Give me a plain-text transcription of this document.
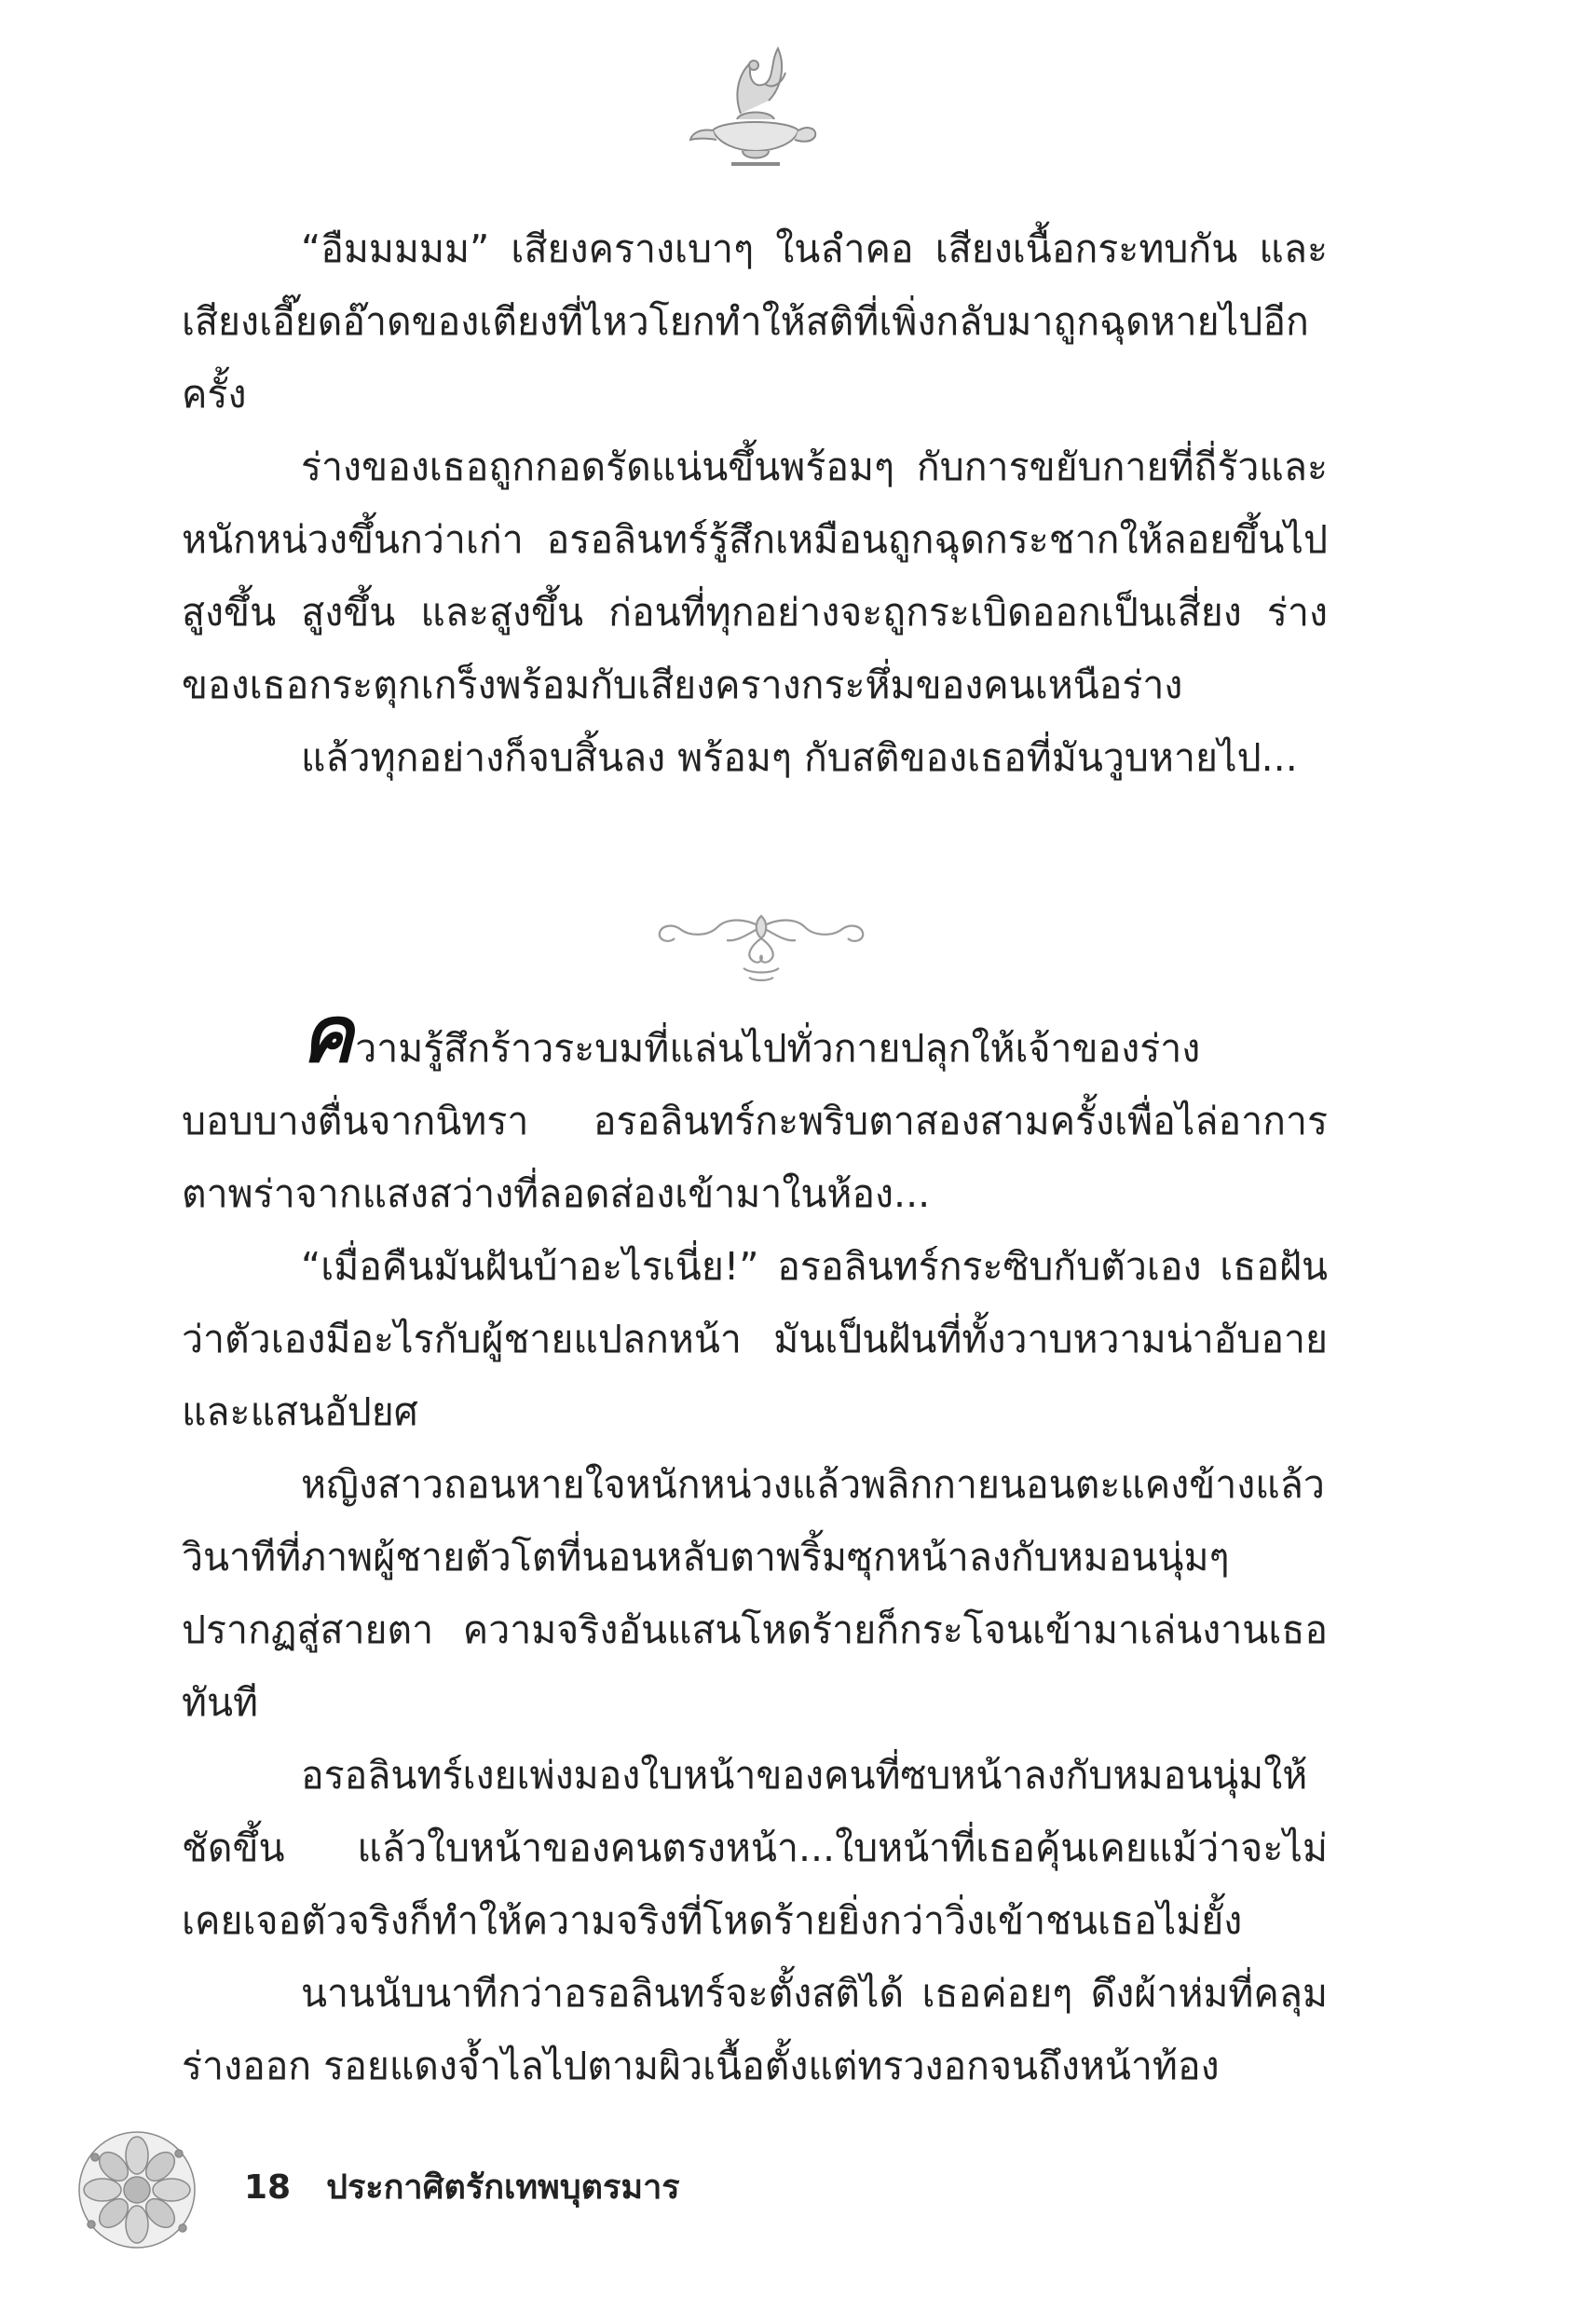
“อืมมมมม” เสียงครางเบาๆ ในลำคอ เสียงเนื้อกระทบกัน และเสียงเอี๊ยดอ๊าดของเตียงที่ไหวโยกทำให้สติที่เพิ่งกลับมาถูกฉุดหายไปอีกครั้ง

ร่างของเธอถูกกอดรัดแน่นขึ้นพร้อมๆ กับการขยับกายที่ถี่รัวและหนักหน่วงขึ้นกว่าเก่า อรอลินทร์รู้สึกเหมือนถูกฉุดกระชากให้ลอยขึ้นไป สูงขึ้น สูงขึ้น และสูงขึ้น ก่อนที่ทุกอย่างจะถูกระเบิดออกเป็นเสี่ยง ร่างของเธอกระตุกเกร็งพร้อมกับเสียงครางกระหึ่มของคนเหนือร่าง

แล้วทุกอย่างก็จบสิ้นลง พร้อมๆ กับสติของเธอที่มันวูบหายไป...

ความรู้สึกร้าวระบมที่แล่นไปทั่วกายปลุกให้เจ้าของร่างบอบบางตื่นจากนิทรา อรอลินทร์กะพริบตาสองสามครั้งเพื่อไล่อาการตาพร่าจากแสงสว่างที่ลอดส่องเข้ามาในห้อง...

“เมื่อคืนมันฝันบ้าอะไรเนี่ย!” อรอลินทร์กระซิบกับตัวเอง เธอฝันว่าตัวเองมีอะไรกับผู้ชายแปลกหน้า มันเป็นฝันที่ทั้งวาบหวามน่าอับอาย และแสนอัปยศ

หญิงสาวถอนหายใจหนักหน่วงแล้วพลิกกายนอนตะแคงข้างแล้ววินาทีที่ภาพผู้ชายตัวโตที่นอนหลับตาพริ้มซุกหน้าลงกับหมอนนุ่มๆปรากฏสู่สายตา ความจริงอันแสนโหดร้ายก็กระโจนเข้ามาเล่นงานเธอทันที

อรอลินทร์เงยเพ่งมองใบหน้าของคนที่ซบหน้าลงกับหมอนนุ่มให้ชัดขึ้น แล้วใบหน้าของคนตรงหน้า...ใบหน้าที่เธอคุ้นเคยแม้ว่าจะไม่เคยเจอตัวจริงก็ทำให้ความจริงที่โหดร้ายยิ่งกว่าวิ่งเข้าชนเธอไม่ยั้ง

นานนับนาทีกว่าอรอลินทร์จะตั้งสติได้ เธอค่อยๆ ดึงผ้าห่มที่คลุมร่างออก รอยแดงจ้ำไลไปตามผิวเนื้อตั้งแต่ทรวงอกจนถึงหน้าท้อง

18 ประกาศิตรักเทพบุตรมาร
